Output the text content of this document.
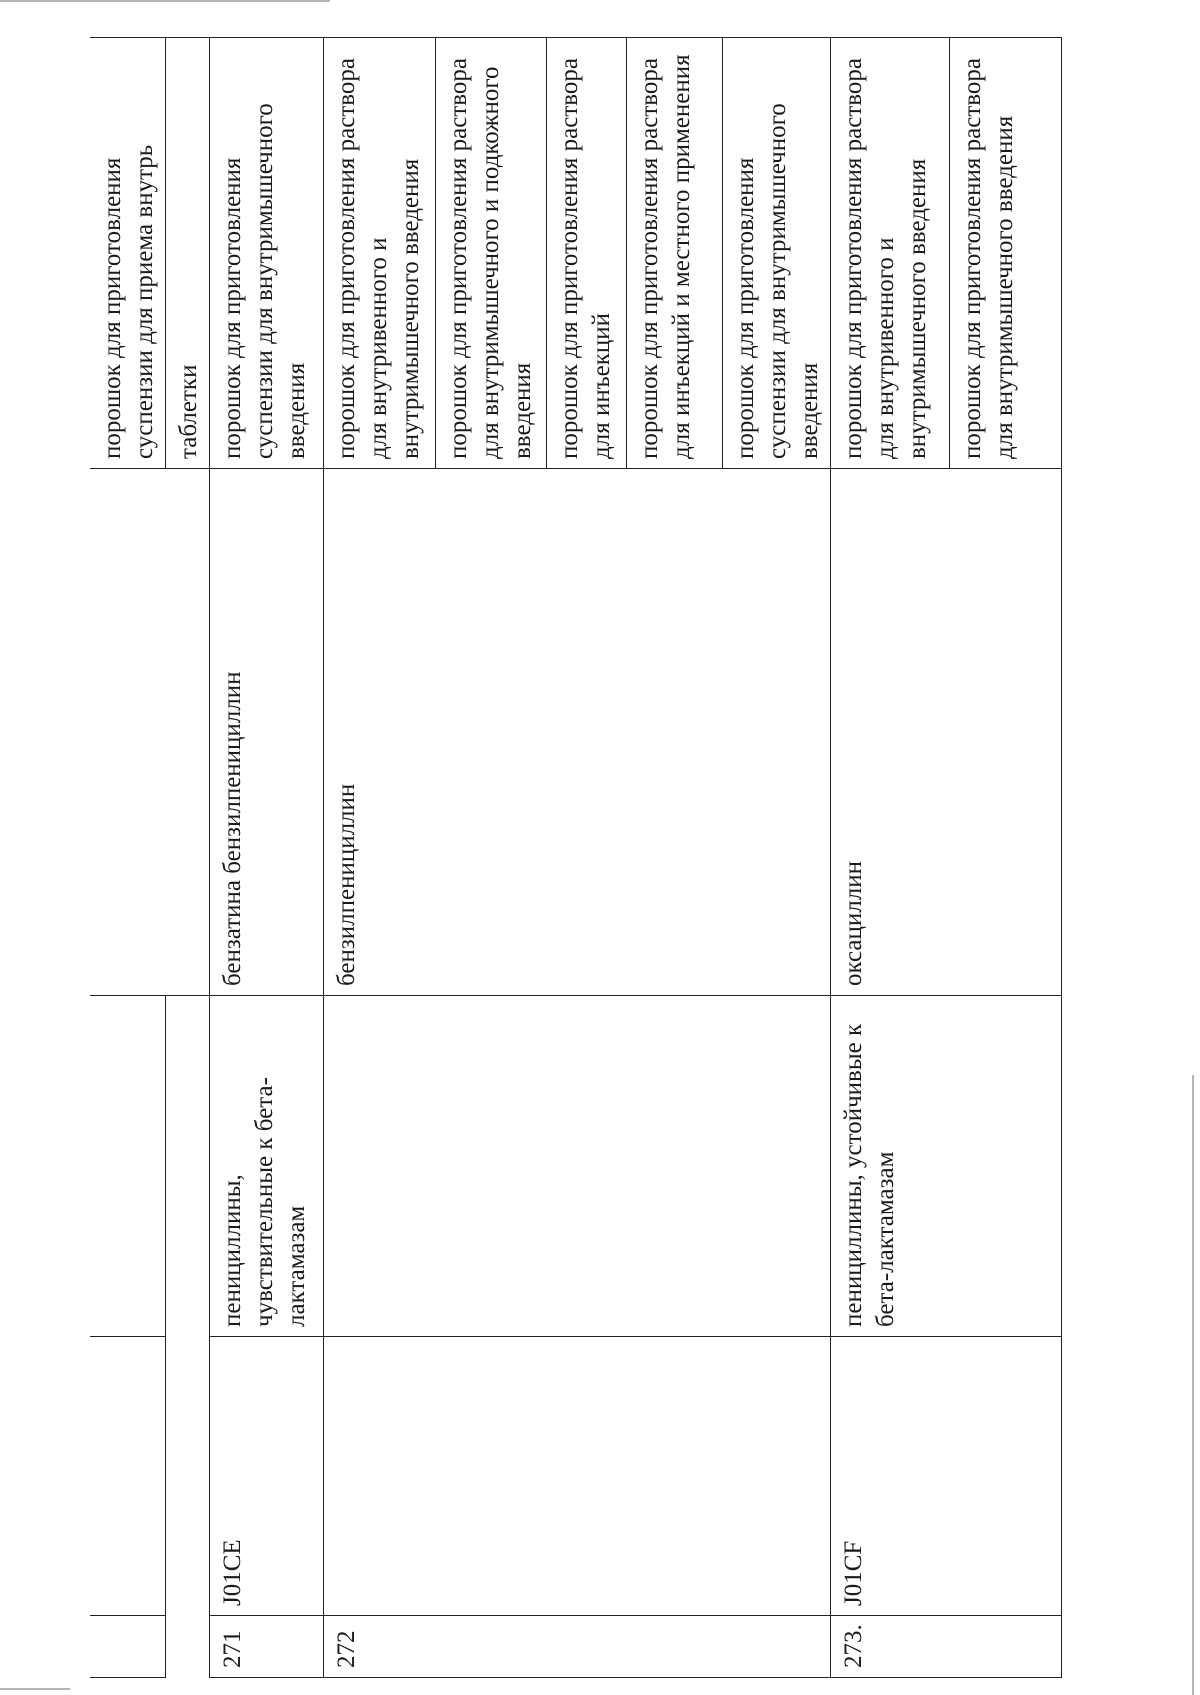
				порошок для приготовления суспензии для приема внутрь
				таблетки
271	J01CE	пенициллины, чувствительные к бета-лактамазам	бензатина бензилпенициллин	порошок для приготовления суспензии для внутримышечного введения
272			бензилпенициллин	порошок для приготовления раствора для внутривенного и внутримышечного введения
				порошок для приготовления раствора для внутримышечного и подкожного введения
				порошок для приготовления раствора для инъекций
				порошок для приготовления раствора для инъекций и местного применения
				порошок для приготовления суспензии для внутримышечного введения
273.	J01CF	пенициллины, устойчивые к бета-лактамазам	оксациллин	порошок для приготовления раствора для внутривенного и внутримышечного введения
				порошок для приготовления раствора для внутримышечного введения
